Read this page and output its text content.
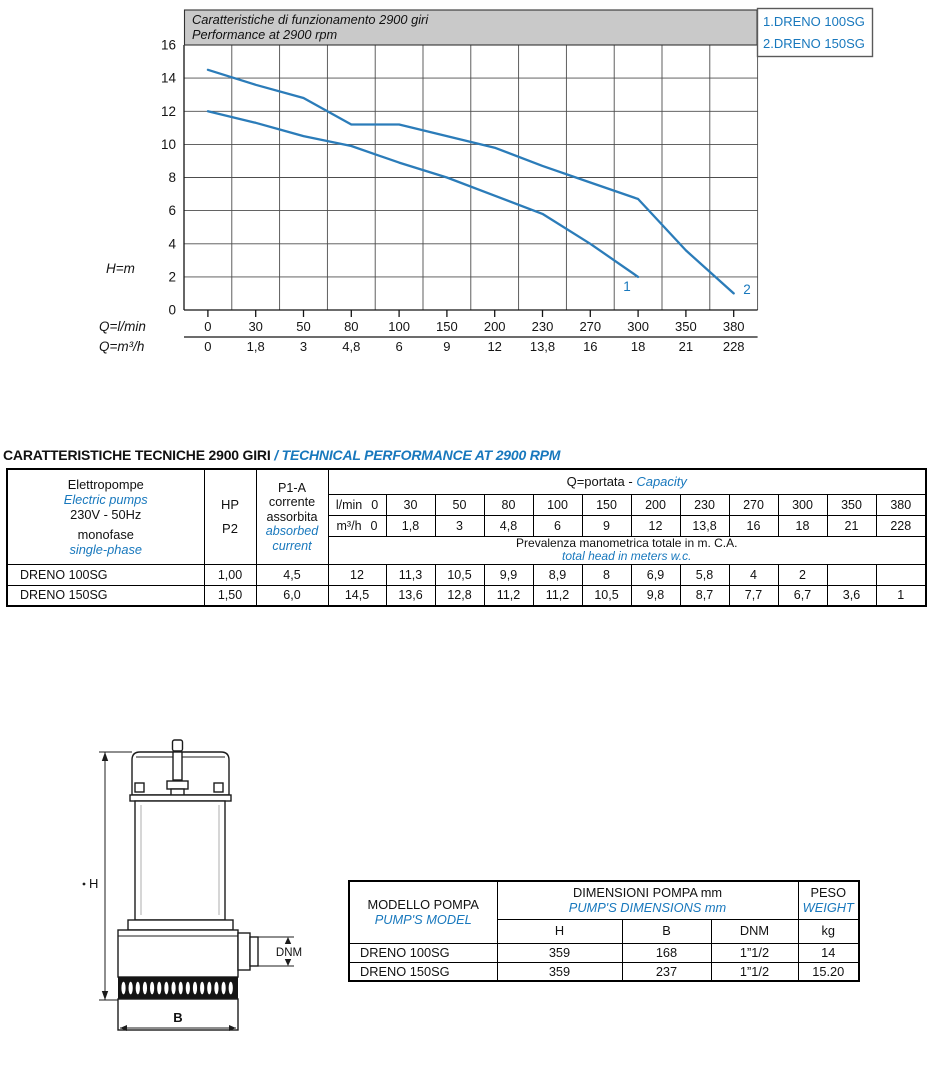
0
0
30
1,8
50
3
80
4,8
100
6
150
9
200
12
230
13,8
270
16
300
18
350
21
380
228
0
2
4
6
8
10
12
14
16
H=m
Q=l/min
Q=m³/h
Caratteristiche di funzionamento 2900 giri
Performance at 2900 rpm
1.DRENO 100SG
2.DRENO 150SG
1	2
CARATTERISTICHE TECNICHE 2900 GIRI / TECHNICAL PERFORMANCE AT 2900 RPM
Elettropompe
Electric pumps
230V - 50Hz
monofase
single-phase

HP
P2

P1-A
corrente
assorbita
absorbed
current
	Q=portata - Capacity
			l/min 0	30	50	80	100	150	200	230	270	300	350	380
			m³/h 0	1,8	3	4,8	6	9	12	13,8	16	18	21	228

			Prevalenza manometrica totale in m. C.A.
total head in meters w.c.											

DRENO 100SG	1,00	4,5	12	11,3	10,5	9,9	8,9	8	6,9	5,8	4	2		
DRENO 150SG	1,50	6,0	14,5	13,6	12,8	11,2	11,2	10,5	9,8	8,7	7,7	6,7	3,6	1
H
DNM
B
MODELLO POMPA
PUMP'S MODEL

DIMENSIONI POMPA mm
PUMP'S DIMENSIONS mm

PESO
WEIGHT

	H	B	DNM	kg
DRENO 100SG	359	168	1”1/2	14
DRENO 150SG	359	237	1”1/2	15.20
